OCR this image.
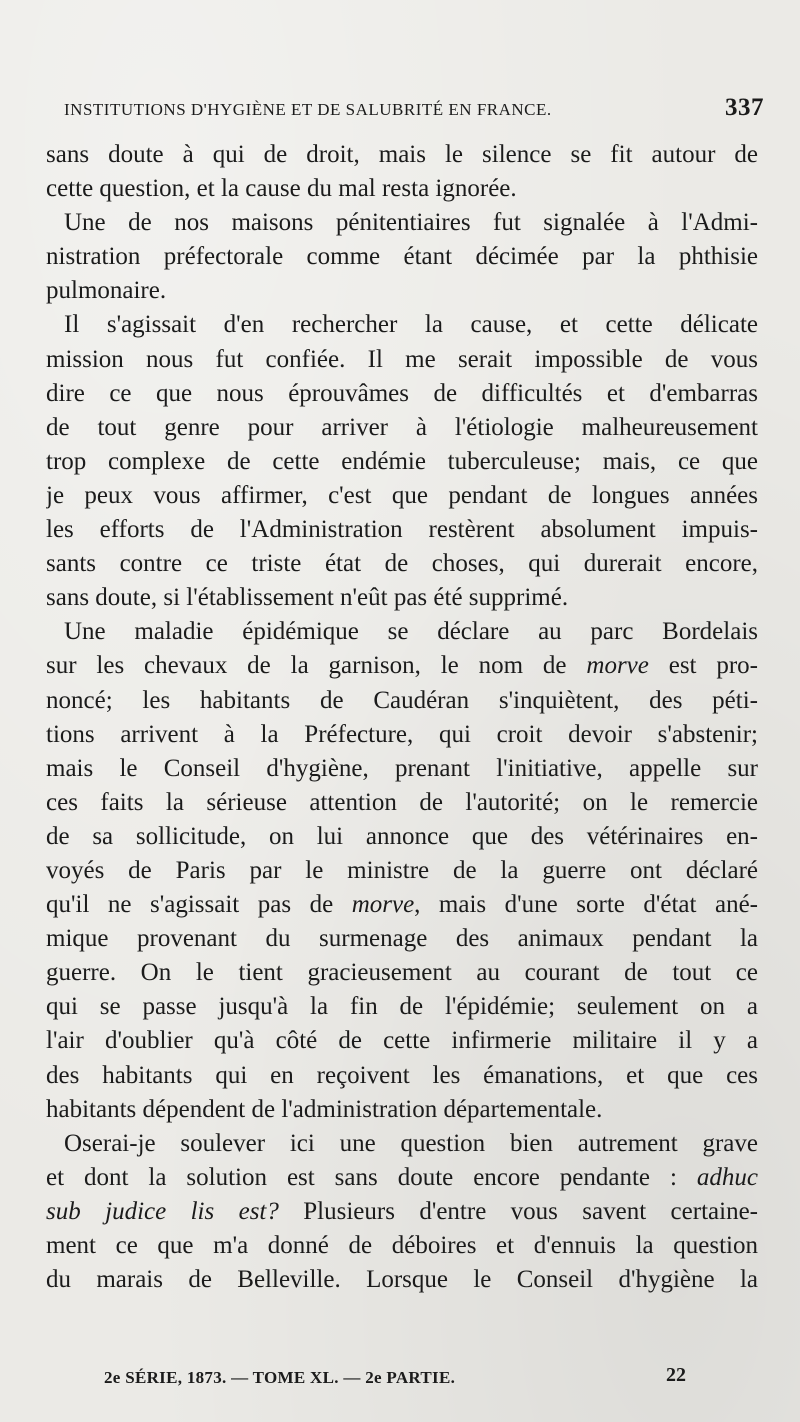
INSTITUTIONS D'HYGIÈNE ET DE SALUBRITÉ EN FRANCE.	337
sans doute à qui de droit, mais le silence se fit autour de
cette question, et la cause du mal resta ignorée.
Une de nos maisons pénitentiaires fut signalée à l'Admi-
nistration préfectorale comme étant décimée par la phthisie
pulmonaire.
Il s'agissait d'en rechercher la cause, et cette délicate
mission nous fut confiée. Il me serait impossible de vous
dire ce que nous éprouvâmes de difficultés et d'embarras
de tout genre pour arriver à l'étiologie malheureusement
trop complexe de cette endémie tuberculeuse; mais, ce que
je peux vous affirmer, c'est que pendant de longues années
les efforts de l'Administration restèrent absolument impuis-
sants contre ce triste état de choses, qui durerait encore,
sans doute, si l'établissement n'eût pas été supprimé.
Une maladie épidémique se déclare au parc Bordelais
sur les chevaux de la garnison, le nom de morve est pro-
noncé; les habitants de Caudéran s'inquiètent, des péti-
tions arrivent à la Préfecture, qui croit devoir s'abstenir;
mais le Conseil d'hygiène, prenant l'initiative, appelle sur
ces faits la sérieuse attention de l'autorité; on le remercie
de sa sollicitude, on lui annonce que des vétérinaires en-
voyés de Paris par le ministre de la guerre ont déclaré
qu'il ne s'agissait pas de morve, mais d'une sorte d'état ané-
mique provenant du surmenage des animaux pendant la
guerre. On le tient gracieusement au courant de tout ce
qui se passe jusqu'à la fin de l'épidémie; seulement on a
l'air d'oublier qu'à côté de cette infirmerie militaire il y a
des habitants qui en reçoivent les émanations, et que ces
habitants dépendent de l'administration départementale.
Oserai-je soulever ici une question bien autrement grave
et dont la solution est sans doute encore pendante : adhuc
sub judice lis est? Plusieurs d'entre vous savent certaine-
ment ce que m'a donné de déboires et d'ennuis la question
du marais de Belleville. Lorsque le Conseil d'hygiène la
2e SÉRIE, 1873. — TOME XL. — 2e PARTIE.	22
